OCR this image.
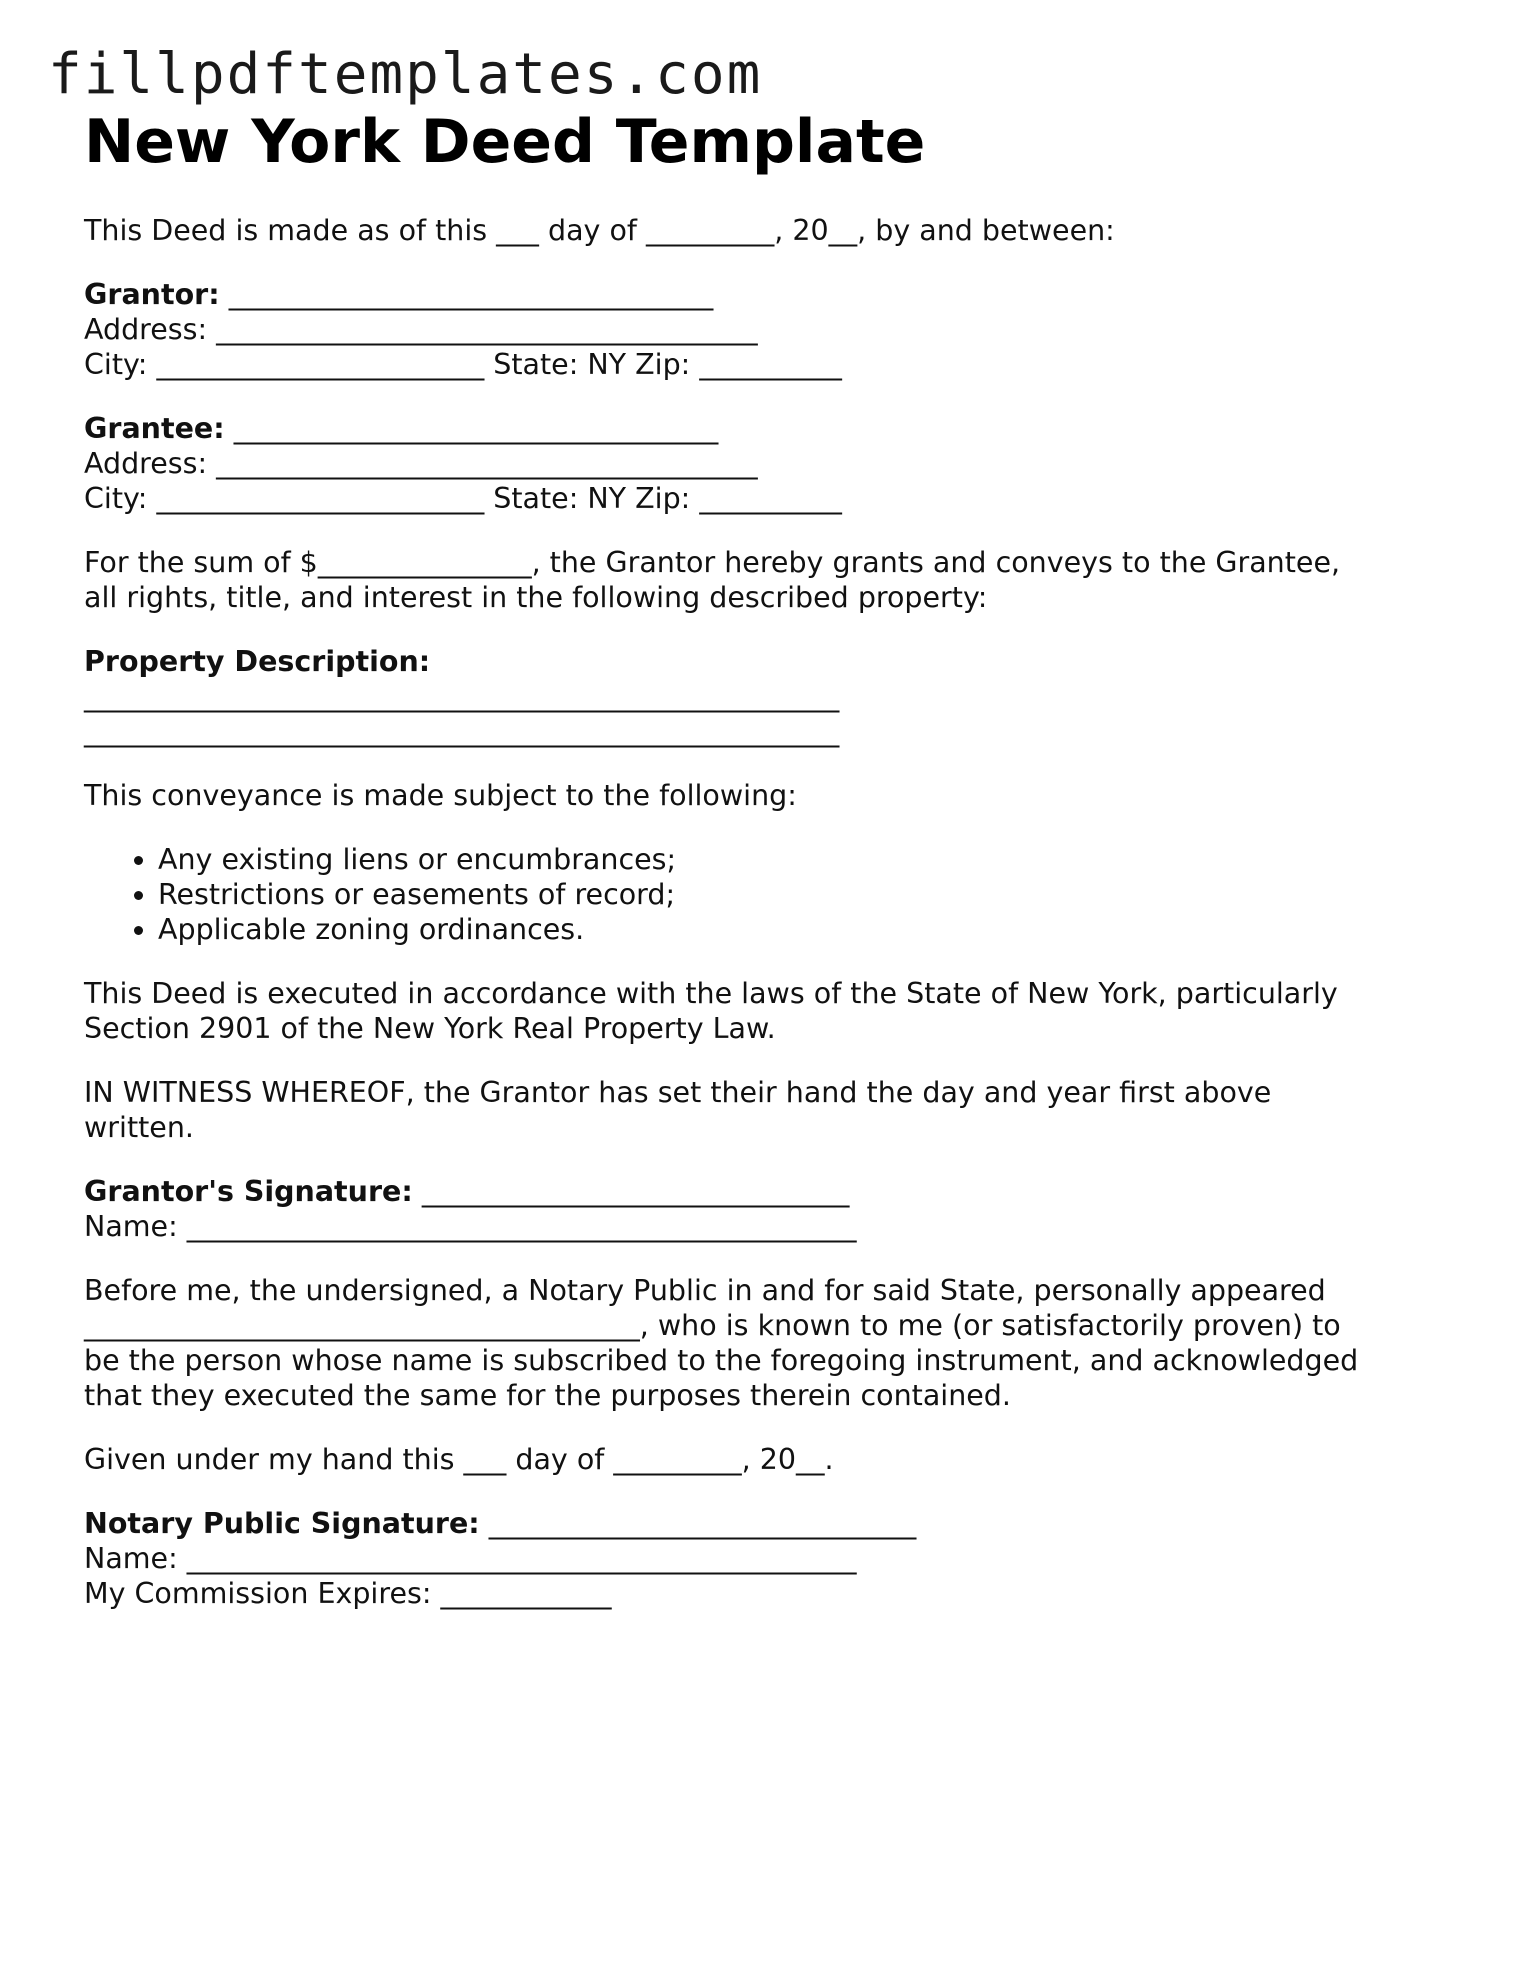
fillpdftemplates.com
New York Deed Template

This Deed is made as of this ___ day of _________, 20__, by and between:

Grantor: __________________________________

Address: ______________________________________

City: _______________________ State: NY Zip: __________

Grantee: __________________________________

Address: ______________________________________

City: _______________________ State: NY Zip: __________

For the sum of $_______________, the Grantor hereby grants and conveys to the Grantee,

all rights, title, and interest in the following described property:

Property Description:

_____________________________________________________

_____________________________________________________

This conveyance is made subject to the following:

• Any existing liens or encumbrances;
• Restrictions or easements of record;
• Applicable zoning ordinances.

This Deed is executed in accordance with the laws of the State of New York, particularly

Section 2901 of the New York Real Property Law.

IN WITNESS WHEREOF, the Grantor has set their hand the day and year first above

written.

Grantor's Signature: ______________________________

Name: _______________________________________________

Before me, the undersigned, a Notary Public in and for said State, personally appeared

_______________________________________, who is known to me (or satisfactorily proven) to

be the person whose name is subscribed to the foregoing instrument, and acknowledged

that they executed the same for the purposes therein contained.

Given under my hand this ___ day of _________, 20__.

Notary Public Signature: ______________________________

Name: _______________________________________________

My Commission Expires: ____________
